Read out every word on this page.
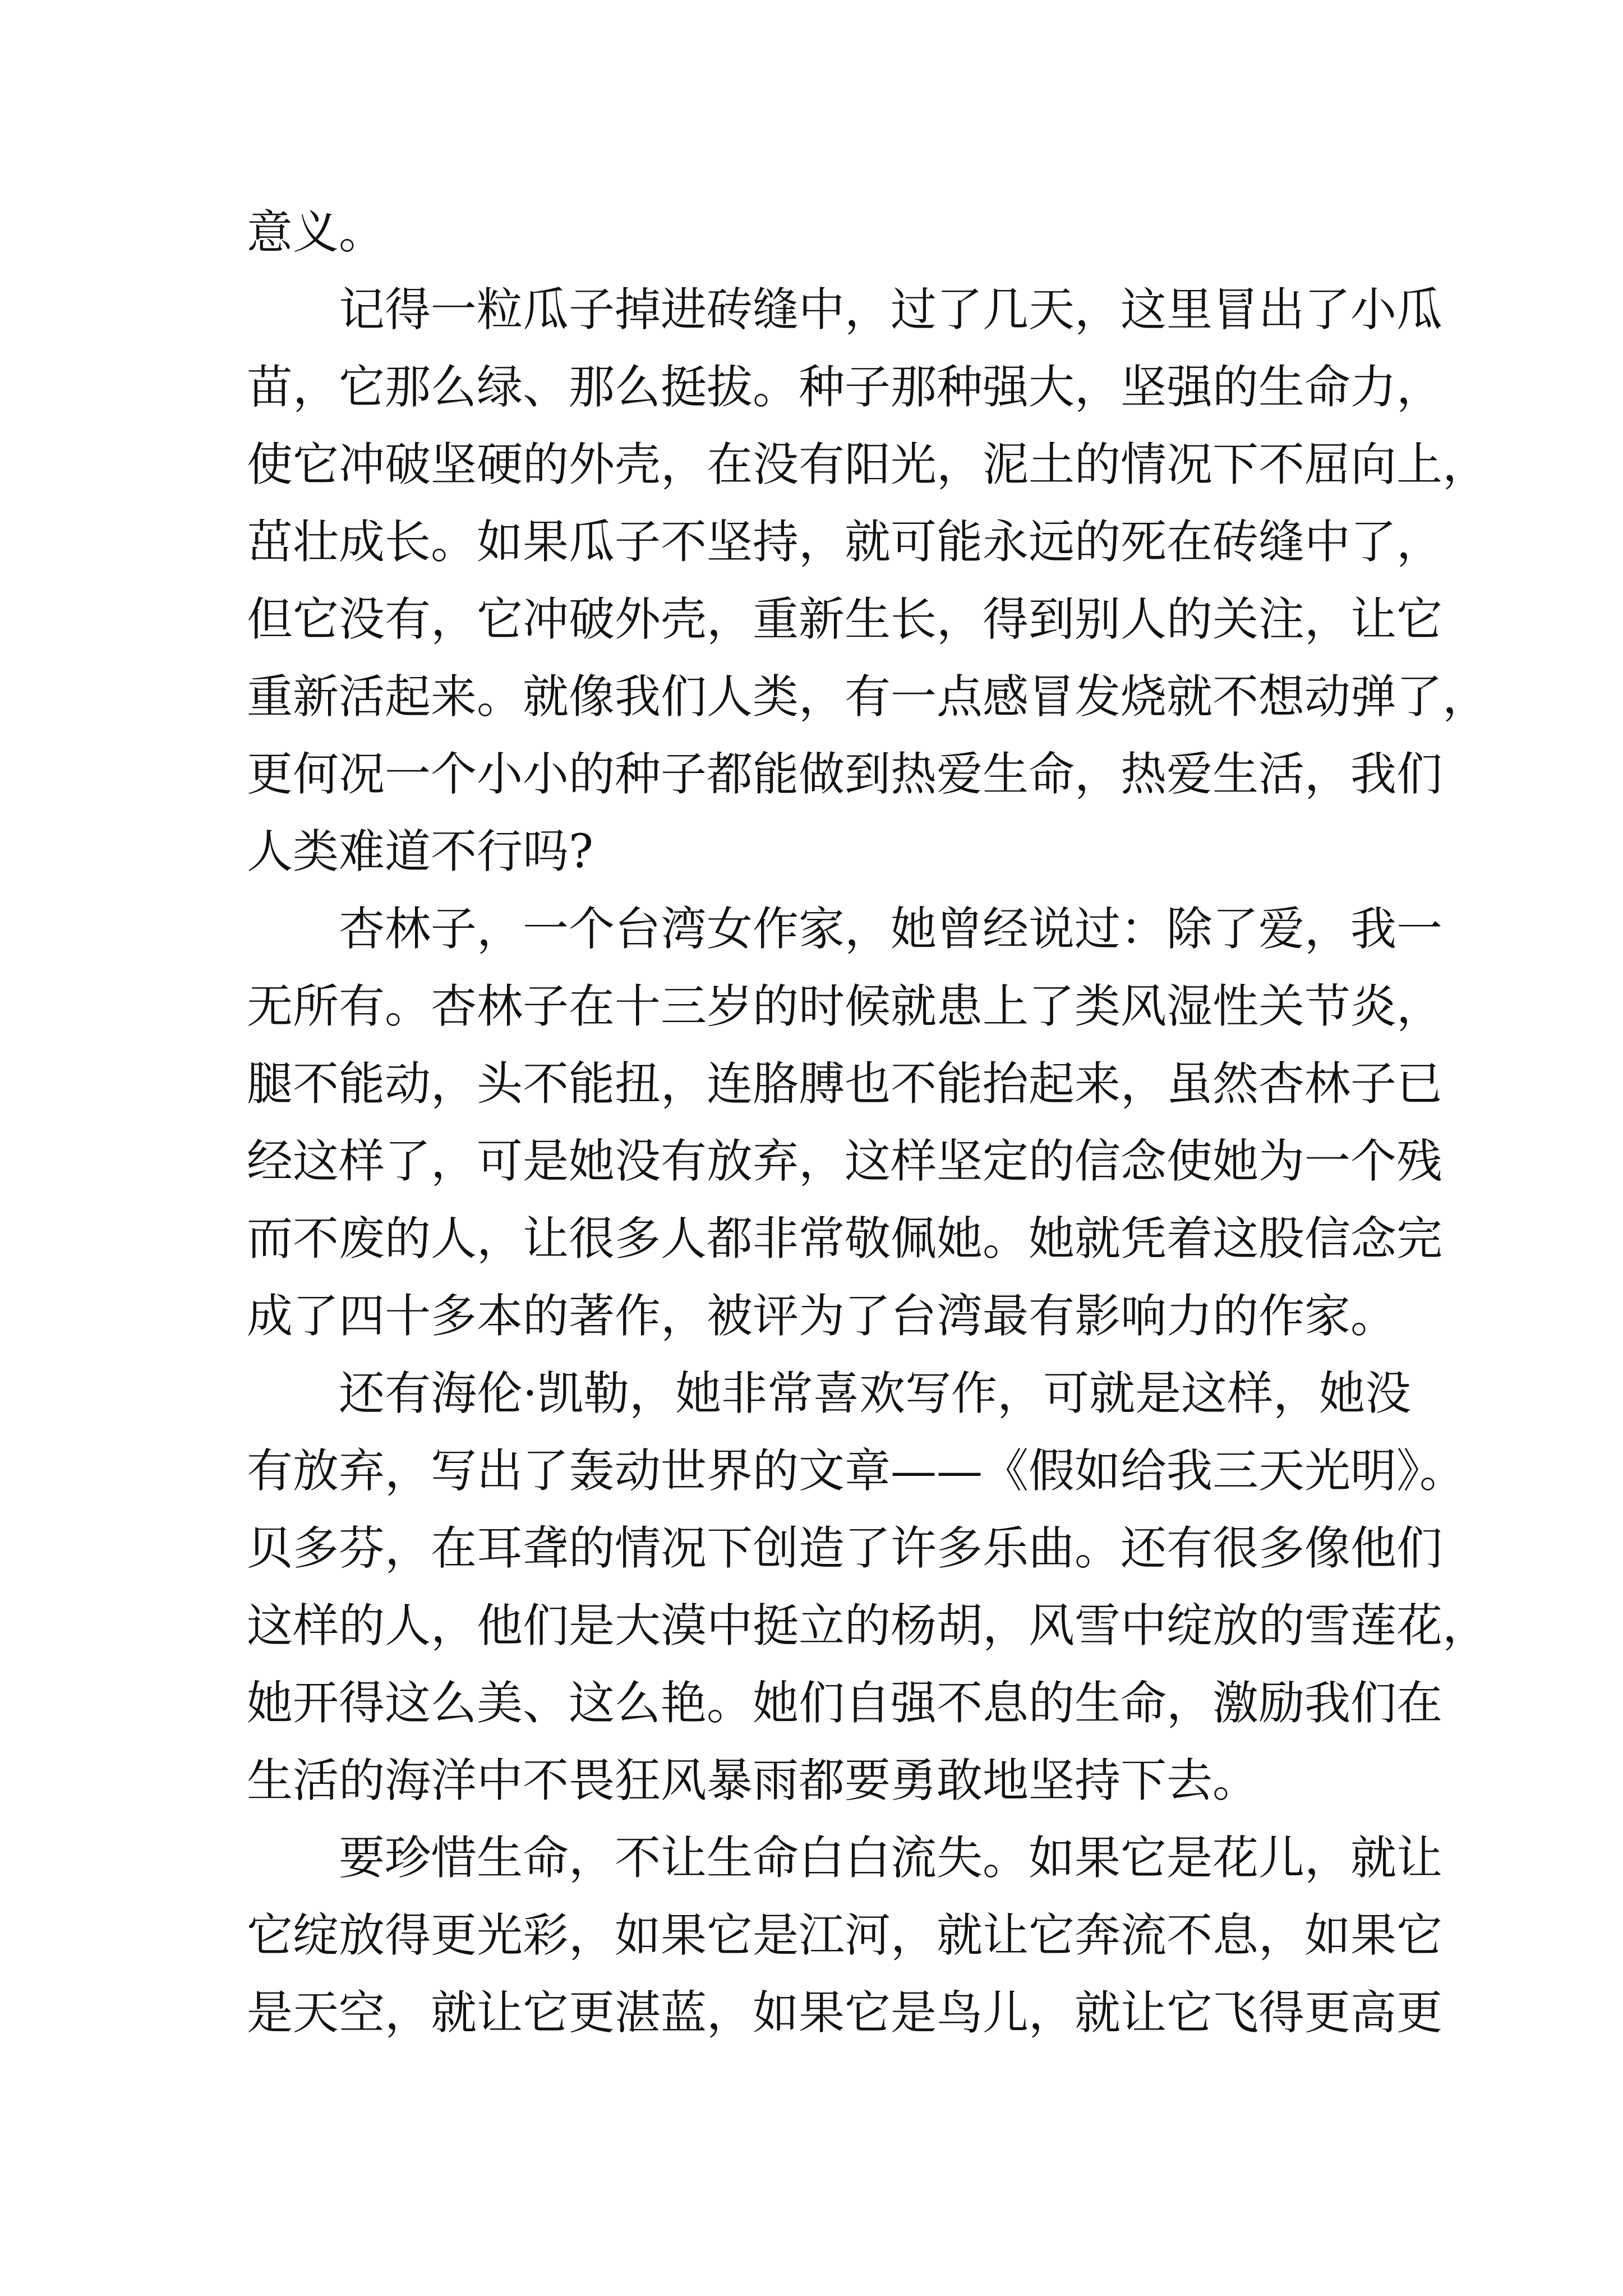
意义。
记得一粒瓜子掉进砖缝中，过了几天，这里冒出了小瓜
苗，它那么绿、那么挺拔。种子那种强大，坚强的生命力，
使它冲破坚硬的外壳，在没有阳光，泥土的情况下不屈向上，
茁壮成长。如果瓜子不坚持，就可能永远的死在砖缝中了，
但它没有，它冲破外壳，重新生长，得到别人的关注，让它
重新活起来。就像我们人类，有一点感冒发烧就不想动弹了，
更何况一个小小的种子都能做到热爱生命，热爱生活，我们
人类难道不行吗?
杏林子，一个台湾女作家，她曾经说过：除了爱，我一
无所有。杏林子在十三岁的时候就患上了类风湿性关节炎，
腿不能动，头不能扭，连胳膊也不能抬起来，虽然杏林子已
经这样了，可是她没有放弃，这样坚定的信念使她为一个残
而不废的人，让很多人都非常敬佩她。她就凭着这股信念完
成了四十多本的著作，被评为了台湾最有影响力的作家。
还有海伦·凯勒，她非常喜欢写作，可就是这样，她没
有放弃，写出了轰动世界的文章——《假如给我三天光明》。
贝多芬，在耳聋的情况下创造了许多乐曲。还有很多像他们
这样的人，他们是大漠中挺立的杨胡，风雪中绽放的雪莲花，
她开得这么美、这么艳。她们自强不息的生命，激励我们在
生活的海洋中不畏狂风暴雨都要勇敢地坚持下去。
要珍惜生命，不让生命白白流失。如果它是花儿，就让
它绽放得更光彩，如果它是江河，就让它奔流不息，如果它
是天空，就让它更湛蓝，如果它是鸟儿，就让它飞得更高更
